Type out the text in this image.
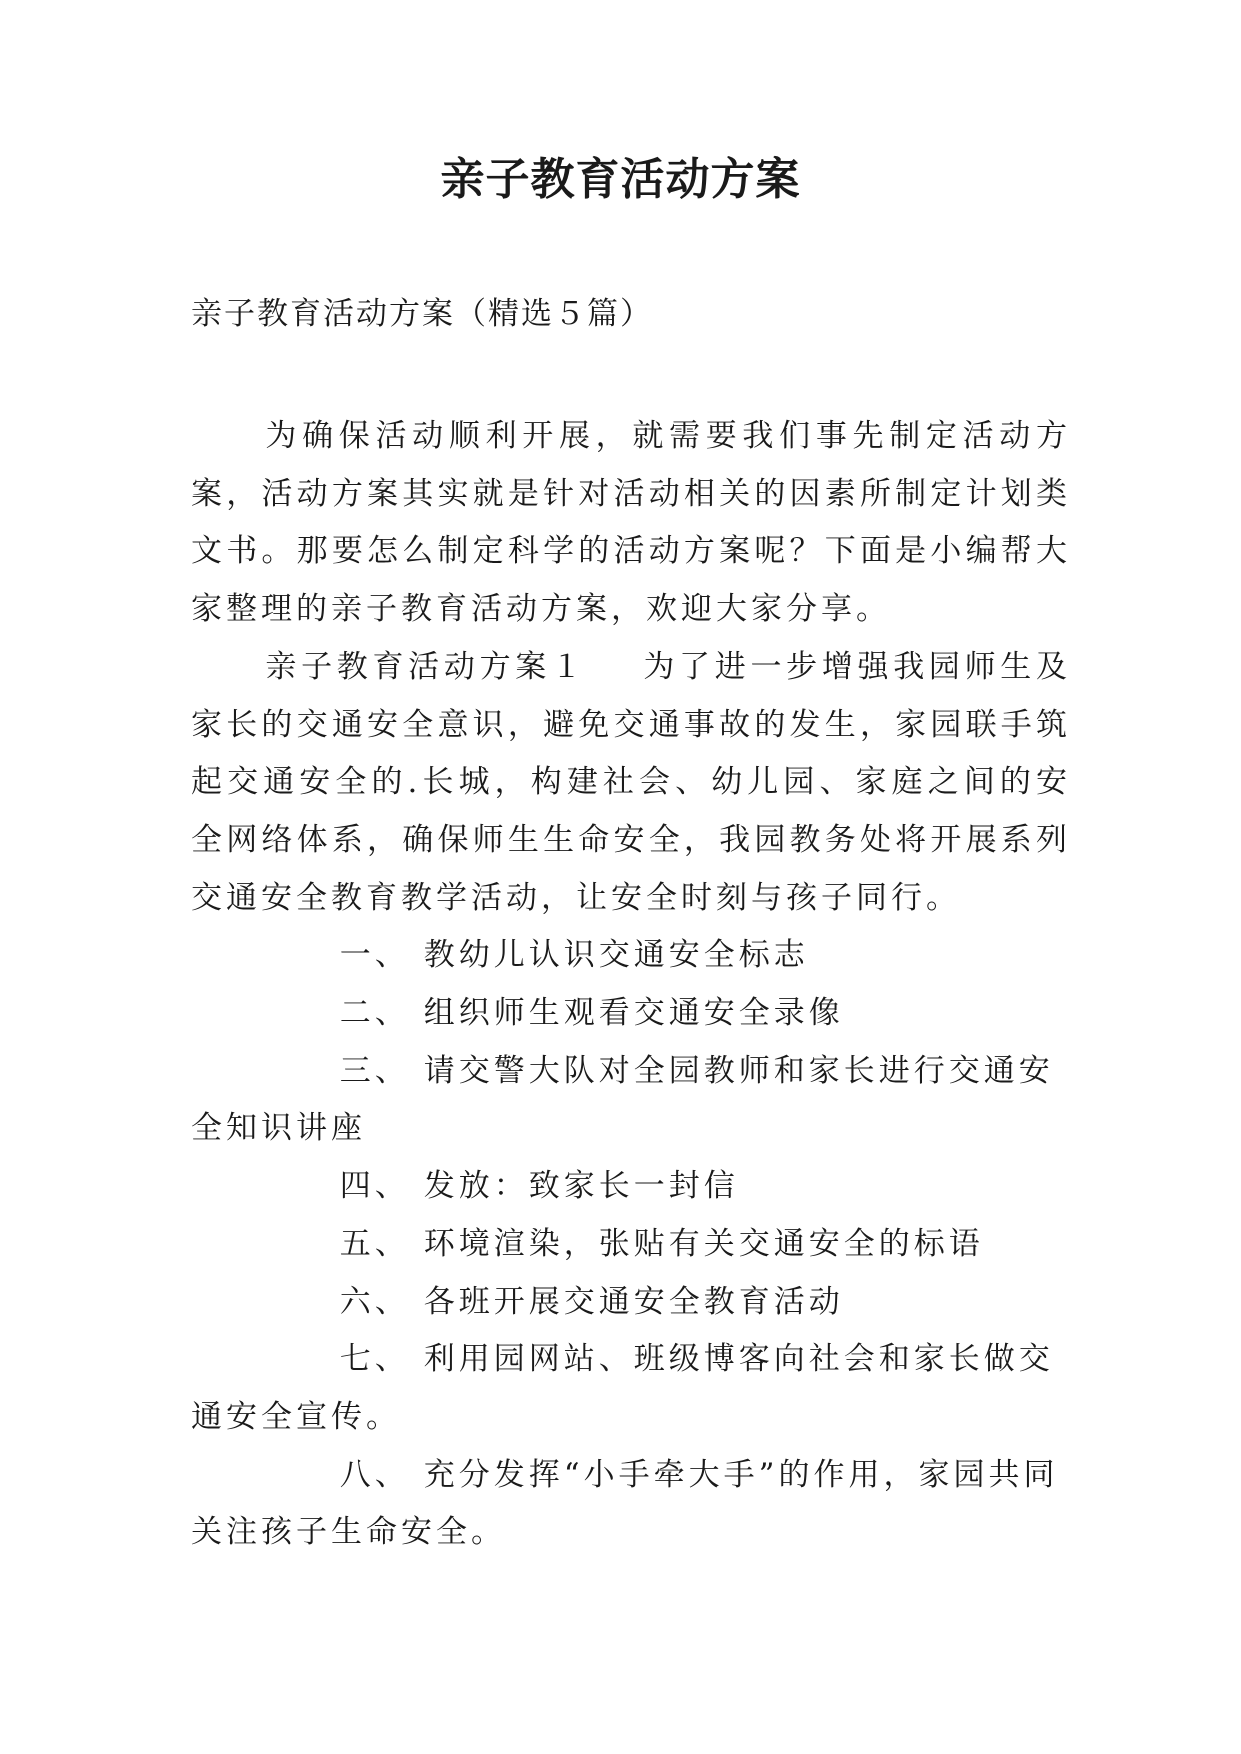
亲子教育活动方案
亲子教育活动方案（精选５篇）

为确保活动顺利开展，就需要我们事先制定活动方案，活动方案其实就是针对活动相关的因素所制定计划类文书。那要怎么制定科学的活动方案呢？下面是小编帮大家整理的亲子教育活动方案，欢迎大家分享。

亲子教育活动方案１ 为了进一步增强我园师生及家长的交通安全意识，避免交通事故的发生，家园联手筑起交通安全的.长城，构建社会、幼儿园、家庭之间的安全网络体系，确保师生生命安全，我园教务处将开展系列交通安全教育教学活动，让安全时刻与孩子同行。

一、 教幼儿认识交通安全标志

二、 组织师生观看交通安全录像

三、 请交警大队对全园教师和家长进行交通安全知识讲座

四、 发放：致家长一封信

五、 环境渲染，张贴有关交通安全的标语

六、 各班开展交通安全教育活动

七、 利用园网站、班级博客向社会和家长做交通安全宣传。

八、 充分发挥“小手牵大手”的作用，家园共同关注孩子生命安全。
